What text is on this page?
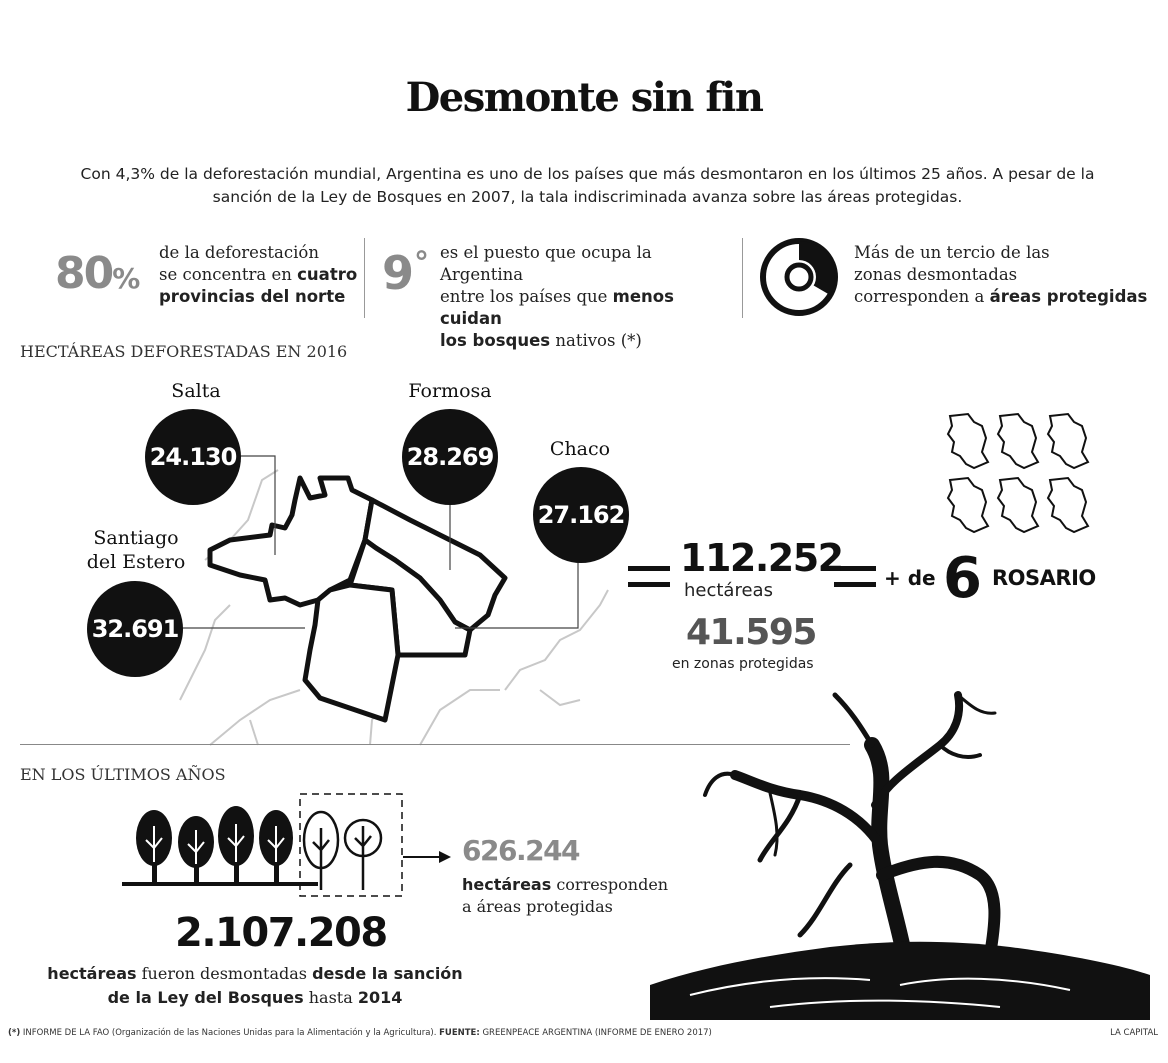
Desmonte sin fin
Con 4,3% de la deforestación mundial, Argentina es uno de los países que más desmontaron en los últimos 25 años. A pesar de la sanción de la Ley de Bosques en 2007, la tala indiscriminada avanza sobre las áreas protegidas.
80%
de la deforestación
se concentra en cuatro
provincias del norte 9° es el puesto que ocupa la Argentina
entre los países que menos cuidan
los bosques nativos (*)
Más de un tercio de las
zonas desmontadas
corresponden a áreas protegidas
HECTÁREAS DEFORESTADAS EN 2016
Salta
24.130
Formosa
28.269	Chaco
27.162
Santiago del Estero
32.691
112.252
hectáreas
41.595
en zonas protegidas
+ de 6 ROSARIO
EN LOS ÚLTIMOS AÑOS
626.244
hectáreas corresponden
a áreas protegidas
2.107.208
hectáreas fueron desmontadas desde la sanción
de la Ley del Bosques hasta 2014
(*) INFORME DE LA FAO (Organización de las Naciones Unidas para la Alimentación y la Agricultura). FUENTE: GREENPEACE ARGENTINA (INFORME DE ENERO 2017)	LA CAPITAL
